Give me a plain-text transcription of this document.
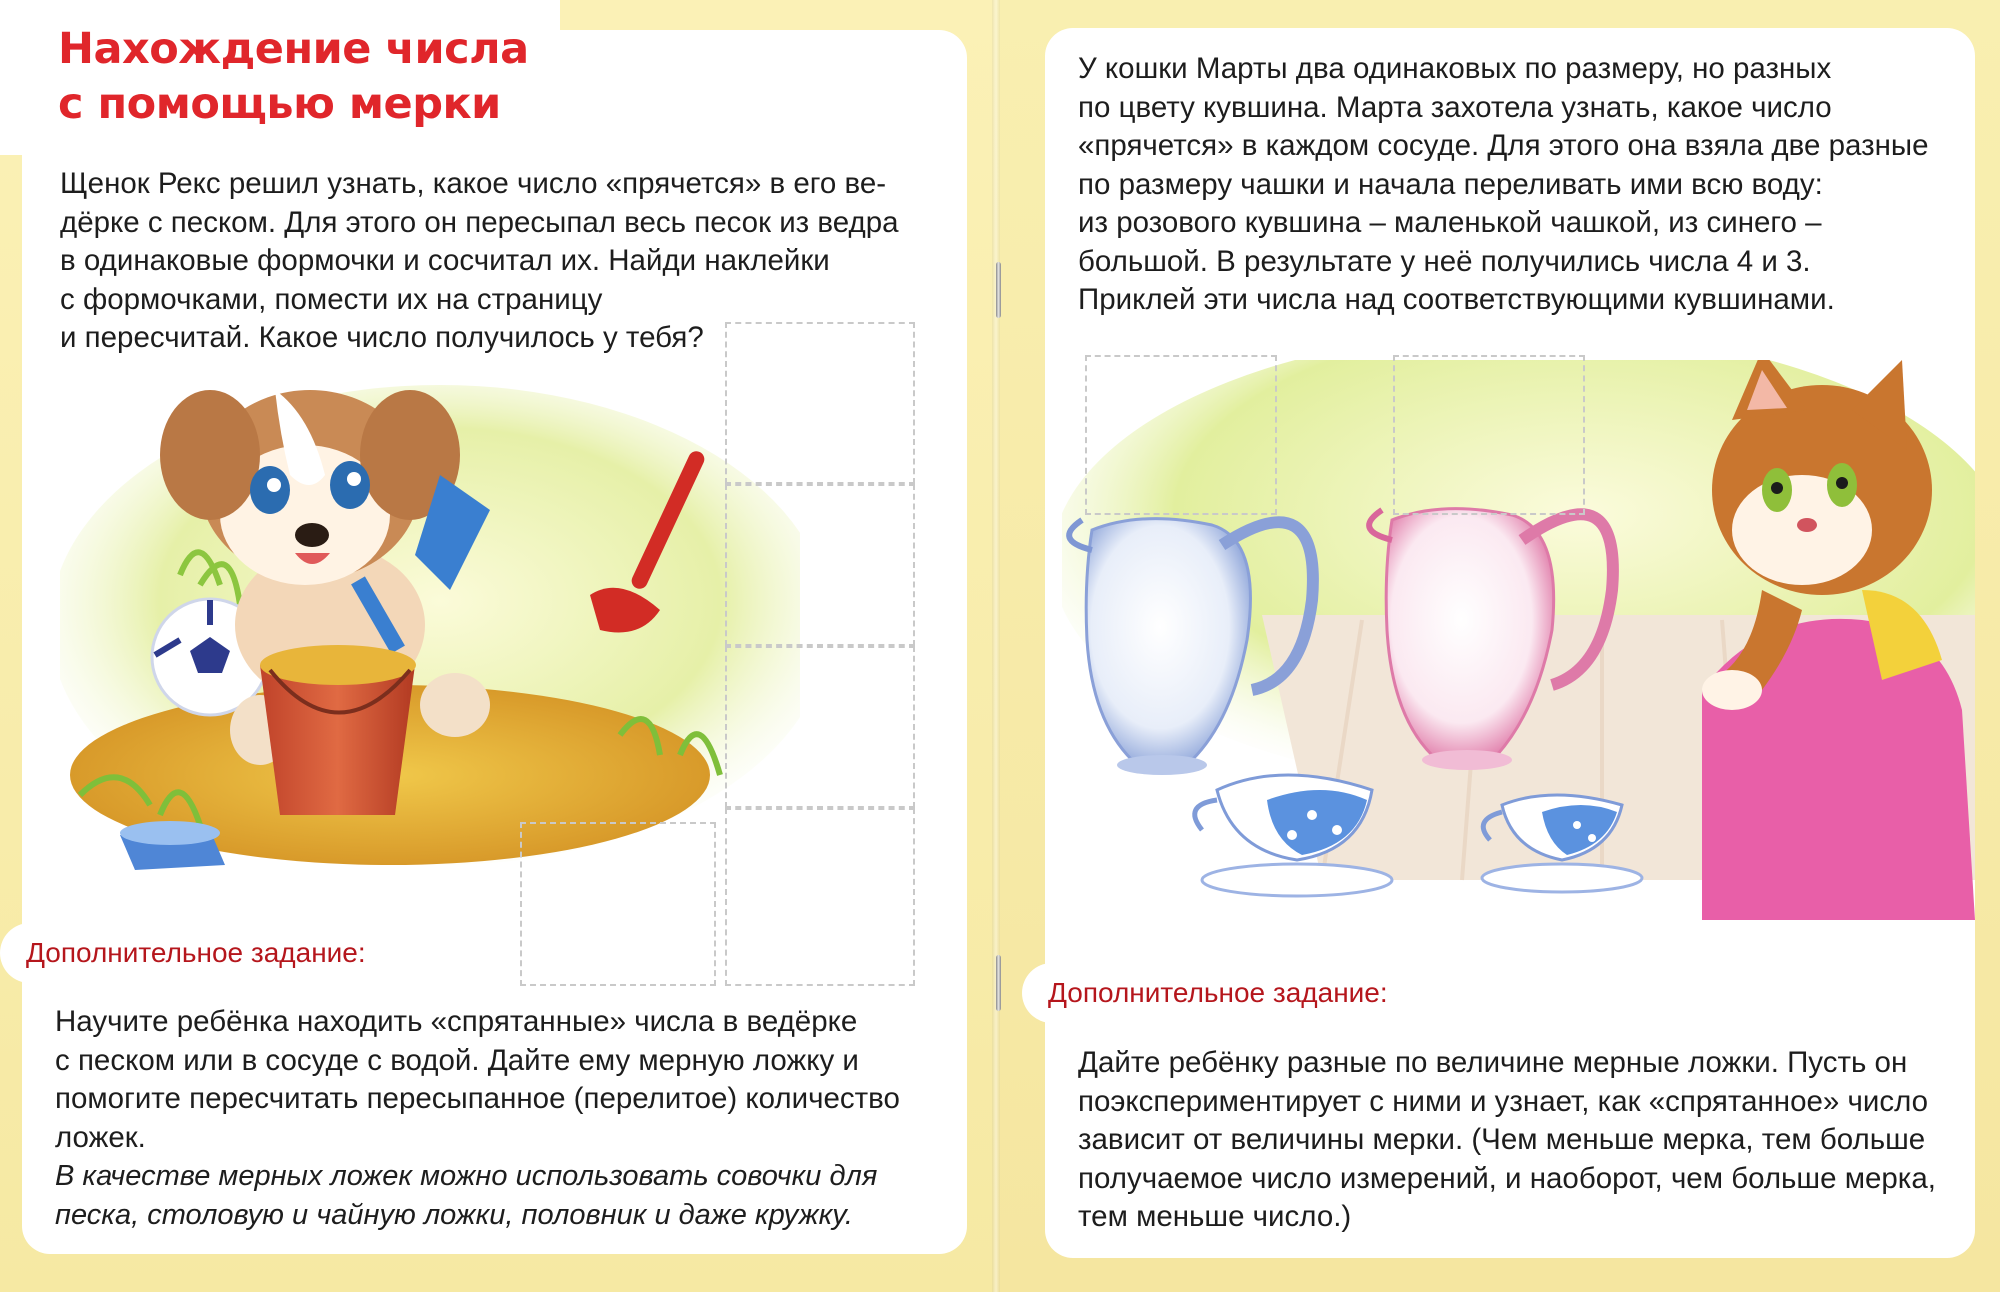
Нахождение числа
с помощью мерки
Щенок Рекс решил узнать, какое число «прячется» в его ве-
дёрке с песком. Для этого он пересыпал весь песок из ведра
в одинаковые формочки и сосчитал их. Найди наклейки
с формочками, помести их на страницу
и пересчитай. Какое число получилось у тебя?
Дополнительное задание:
Научите ребёнка находить «спрятанные» числа в ведёрке
с песком или в сосуде с водой. Дайте ему мерную ложку и
помогите пересчитать пересыпанное (перелитое) количество
ложек.
В качестве мерных ложек можно использовать совочки для
песка, столовую и чайную ложки, половник и даже кружку.
У кошки Марты два одинаковых по размеру, но разных
по цвету кувшина. Марта захотела узнать, какое число
«прячется» в каждом сосуде. Для этого она взяла две разные
по размеру чашки и начала переливать ими всю воду:
из розового кувшина – маленькой чашкой, из синего –
большой. В результате у неё получились числа 4 и 3.
Приклей эти числа над соответствующими кувшинами.
Дополнительное задание:
Дайте ребёнку разные по величине мерные ложки. Пусть он
поэкспериментирует с ними и узнает, как «спрятанное» число
зависит от величины мерки. (Чем меньше мерка, тем больше
получаемое число измерений, и наоборот, чем больше мерка,
тем меньше число.)
